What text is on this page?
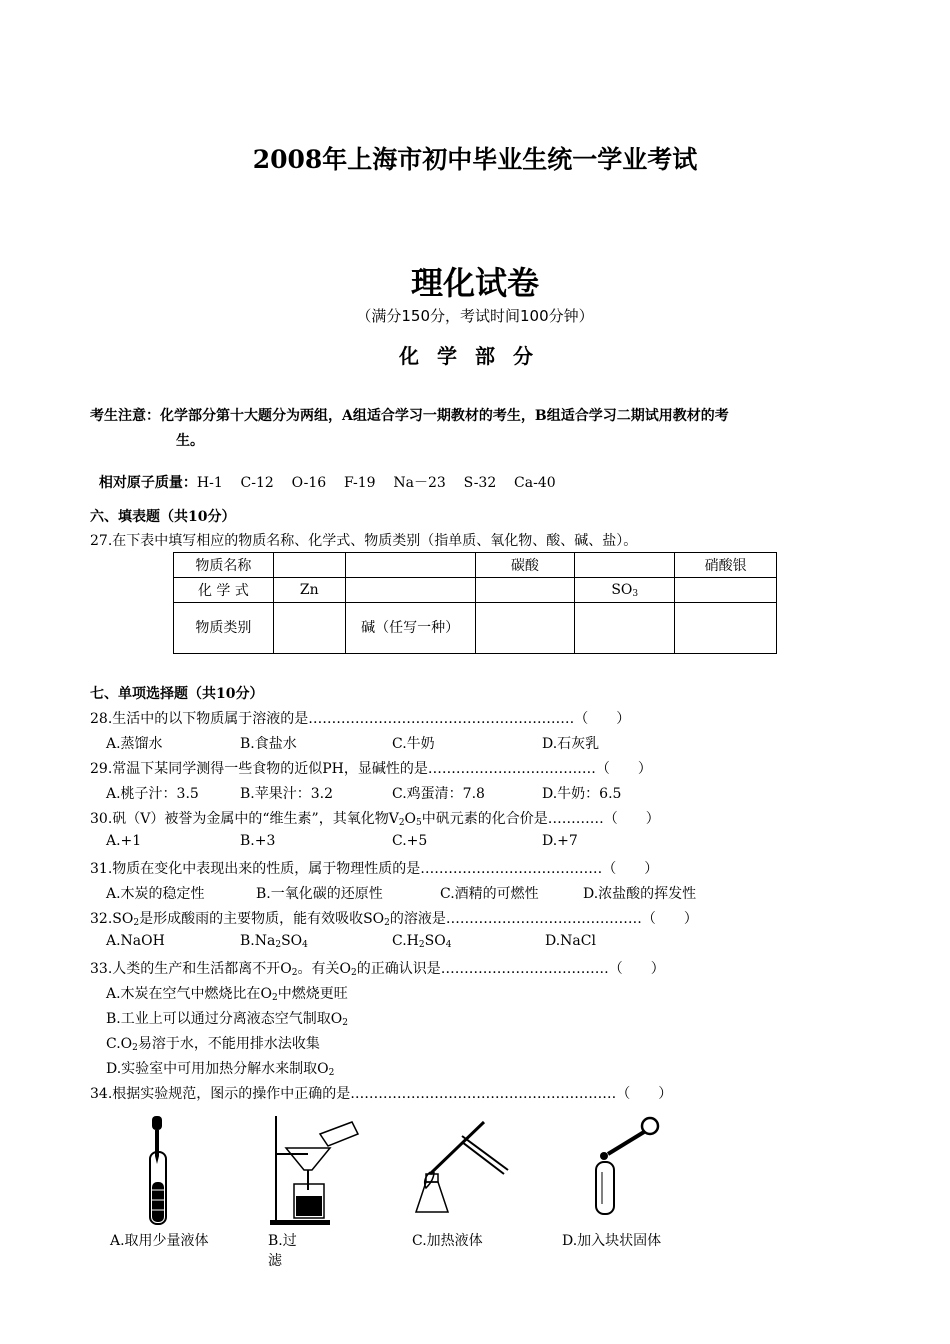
2008年上海市初中毕业生统一学业考试
理化试卷
（满分150分，考试时间100分钟）
化学部分
考生注意：化学部分第十大题分为两组，A组适合学习一期教材的考生，B组适合学习二期试用教材的考
生。

相对原子质量：H-1    C-12    O-16    F-19    Na－23    S-32    Ca-40

六、填表题（共10分）
27.在下表中填写相应的物质名称、化学式、物质类别（指单质、氧化物、酸、碱、盐）。
物质名称			碳酸		硝酸银
化 学 式	Zn			$SO_3$	
物质类别		碱（任写一种）			
七、单项选择题（共10分）
28.生活中的以下物质属于溶液的是…………………………………………………（　　）
A.蒸馏水	B.食盐水	C.牛奶	D.石灰乳
29.常温下某同学测得一些食物的近似PH，显碱性的是………………………………（　　）
A.桃子汁：3.5	B.苹果汁：3.2	C.鸡蛋清：7.8	D.牛奶：6.5
30.矾（V）被誉为金属中的“维生素”，其氧化物$V_2O_5$中矾元素的化合价是…………（　　）
A.+1	B.+3	C.+5	D.+7
31.物质在变化中表现出来的性质，属于物理性质的是…………………………………（　　）
A.木炭的稳定性	B.一氧化碳的还原性	C.酒精的可燃性	D.浓盐酸的挥发性
$32.SO_2$是形成酸雨的主要物质，能有效吸收$SO_2$的溶液是……………………………………（　　）
A.NaOH	$B.Na_2SO_4$	$C.H_2SO_4$	D.NaCl
33.人类的生产和生活都离不开$O_2$。有关$O_2$的正确认识是………………………………（　　）
A.木炭在空气中燃烧比在$O_2$中燃烧更旺
B.工业上可以通过分离液态空气制取$O_2$
$C.O_2$易溶于水，不能用排水法收集
D.实验室中可用加热分解水来制取$O_2$
34.根据实验规范，图示的操作中正确的是…………………………………………………（　　）
A.取用少量液体	B.过滤
C.加热液体	D.加入块状固体
